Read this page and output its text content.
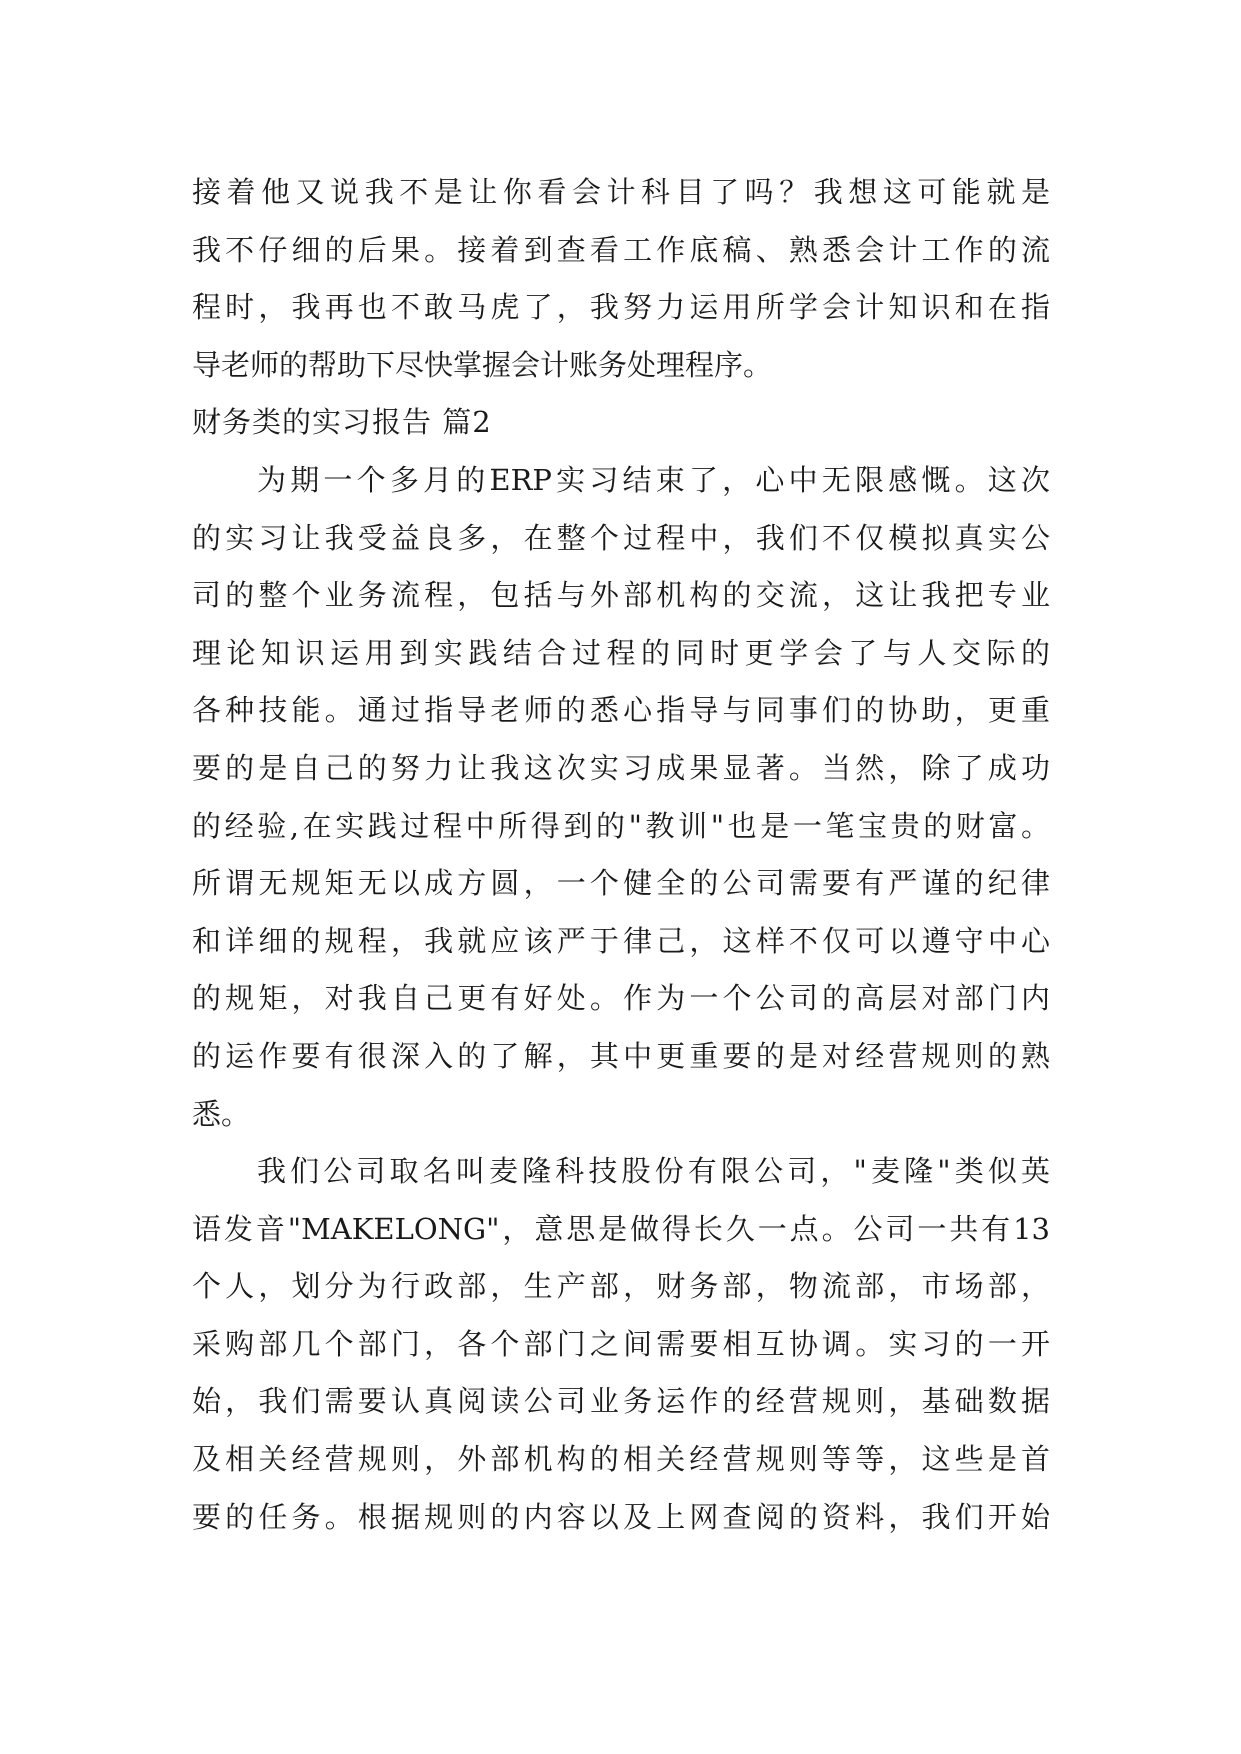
接着他又说我不是让你看会计科目了吗？我想这可能就是
我不仔细的后果。接着到查看工作底稿、熟悉会计工作的流
程时，我再也不敢马虎了，我努力运用所学会计知识和在指
导老师的帮助下尽快掌握会计账务处理程序。
财务类的实习报告 篇2
为期一个多月的ERP实习结束了，心中无限感慨。这次
的实习让我受益良多，在整个过程中，我们不仅模拟真实公
司的整个业务流程，包括与外部机构的交流，这让我把专业
理论知识运用到实践结合过程的同时更学会了与人交际的
各种技能。通过指导老师的悉心指导与同事们的协助，更重
要的是自己的努力让我这次实习成果显著。当然，除了成功
的经验,在实践过程中所得到的"教训"也是一笔宝贵的财富。
所谓无规矩无以成方圆，一个健全的公司需要有严谨的纪律
和详细的规程，我就应该严于律己，这样不仅可以遵守中心
的规矩，对我自己更有好处。作为一个公司的高层对部门内
的运作要有很深入的了解，其中更重要的是对经营规则的熟
悉。
我们公司取名叫麦隆科技股份有限公司，"麦隆"类似英
语发音"MAKELONG"，意思是做得长久一点。公司一共有13
个人，划分为行政部，生产部，财务部，物流部，市场部，
采购部几个部门，各个部门之间需要相互协调。实习的一开
始，我们需要认真阅读公司业务运作的经营规则，基础数据
及相关经营规则，外部机构的相关经营规则等等，这些是首
要的任务。根据规则的内容以及上网查阅的资料，我们开始
